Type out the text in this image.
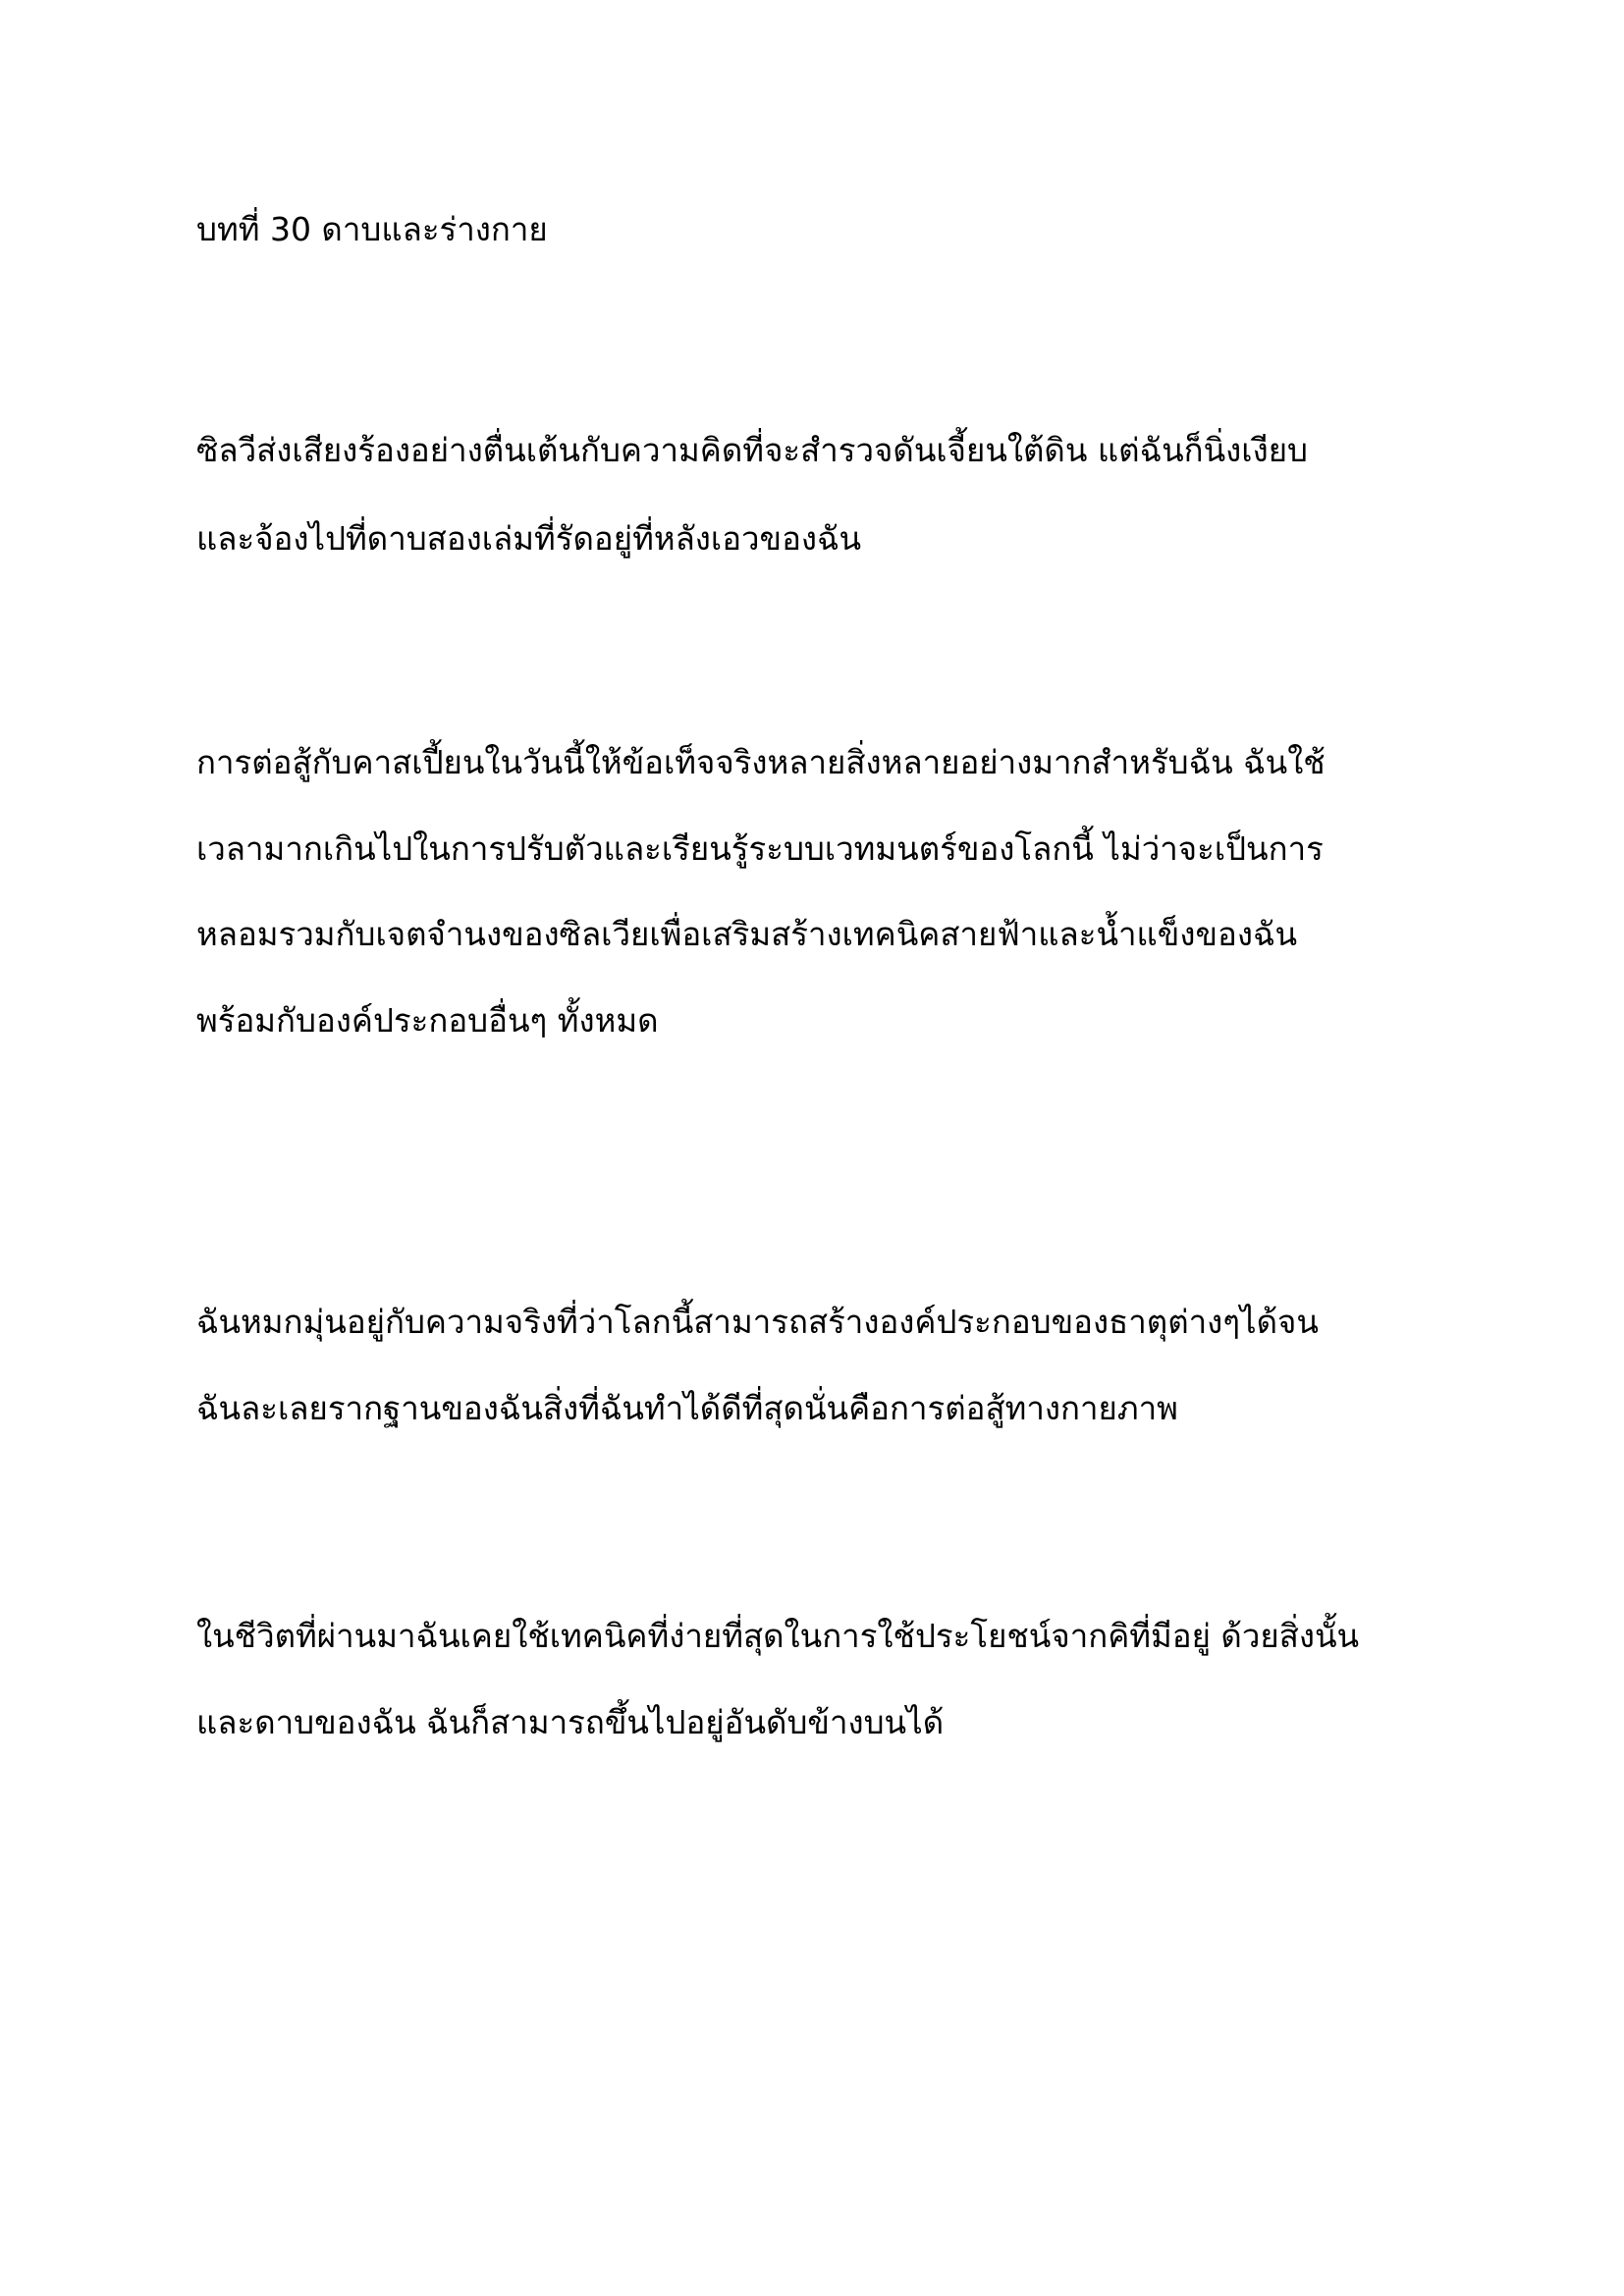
บทที่ 30 ดาบและร่างกาย

ซิลวีส่งเสียงร้องอย่างตื่นเต้นกับความคิดที่จะสำรวจดันเจี้ยนใต้ดิน แต่ฉันก็นิ่งเงียบ

และจ้องไปที่ดาบสองเล่มที่รัดอยู่ที่หลังเอวของฉัน

การต่อสู้กับคาสเปี้ยนในวันนี้ให้ข้อเท็จจริงหลายสิ่งหลายอย่างมากสำหรับฉัน ฉันใช้

เวลามากเกินไปในการปรับตัวและเรียนรู้ระบบเวทมนตร์ของโลกนี้ ไม่ว่าจะเป็นการ

หลอมรวมกับเจตจำนงของซิลเวียเพื่อเสริมสร้างเทคนิคสายฟ้าและน้ำแข็งของฉัน

พร้อมกับองค์ประกอบอื่นๆ ทั้งหมด

ฉันหมกมุ่นอยู่กับความจริงที่ว่าโลกนี้สามารถสร้างองค์ประกอบของธาตุต่างๆได้จน

ฉันละเลยรากฐานของฉันสิ่งที่ฉันทำได้ดีที่สุดนั่นคือการต่อสู้ทางกายภาพ

ในชีวิตที่ผ่านมาฉันเคยใช้เทคนิคที่ง่ายที่สุดในการใช้ประโยชน์จากคิที่มีอยู่ ด้วยสิ่งนั้น

และดาบของฉัน ฉันก็สามารถขึ้นไปอยู่อันดับข้างบนได้
